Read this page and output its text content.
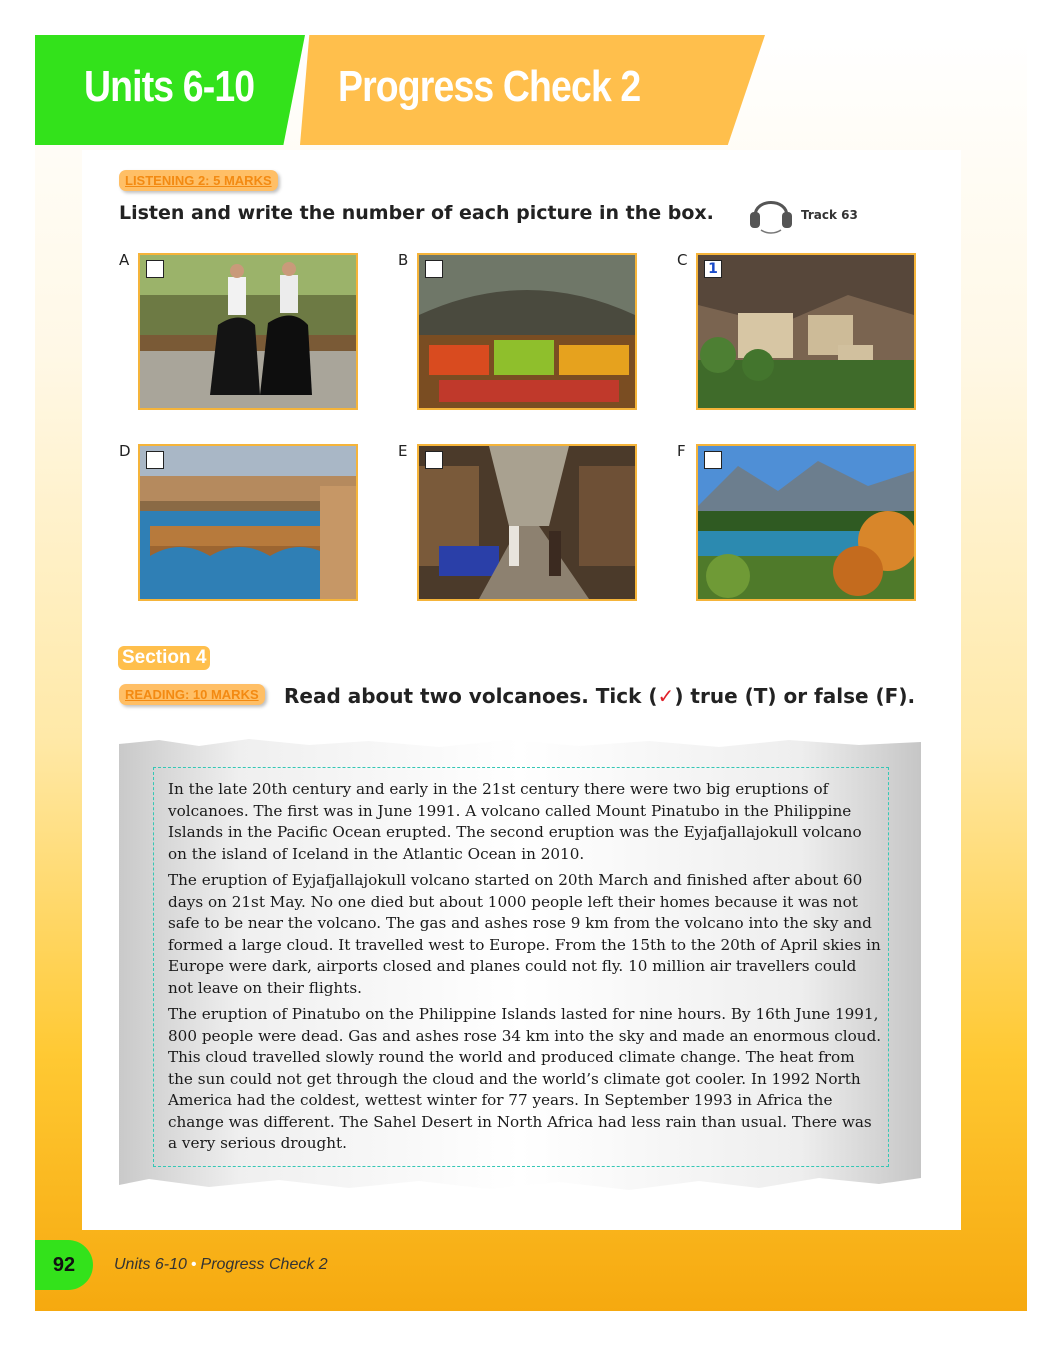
Units 6-10 Progress Check 2
LISTENING 2: 5 MARKS
Listen and write the number of each picture in the box.	Track 63
A	B	C 1
D	E	F
Section 4
READING: 10 MARKS	Read about two volcanoes. Tick (✓) true (T) or false (F).

In the late 20th century and early in the 21st century there were two big eruptions of volcanoes. The first was in June 1991. A volcano called Mount Pinatubo in the Philippine Islands in the Pacific Ocean erupted. The second eruption was the Eyjafjallajokull volcano on the island of Iceland in the Atlantic Ocean in 2010.

The eruption of Eyjafjallajokull volcano started on 20th March and finished after about 60 days on 21st May. No one died but about 1000 people left their homes because it was not safe to be near the volcano. The gas and ashes rose 9 km from the volcano into the sky and formed a large cloud. It travelled west to Europe. From the 15th to the 20th of April skies in Europe were dark, airports closed and planes could not fly. 10 million air travellers could not leave on their flights.

The eruption of Pinatubo on the Philippine Islands lasted for nine hours. By 16th June 1991, 800 people were dead. Gas and ashes rose 34 km into the sky and made an enormous cloud. This cloud travelled slowly round the world and produced climate change. The heat from the sun could not get through the cloud and the world’s climate got cooler. In 1992 North America had the coldest, wettest winter for 77 years. In September 1993 in Africa the change was different. The Sahel Desert in North Africa had less rain than usual. There was a very serious drought.

92	Units 6-10 • Progress Check 2
